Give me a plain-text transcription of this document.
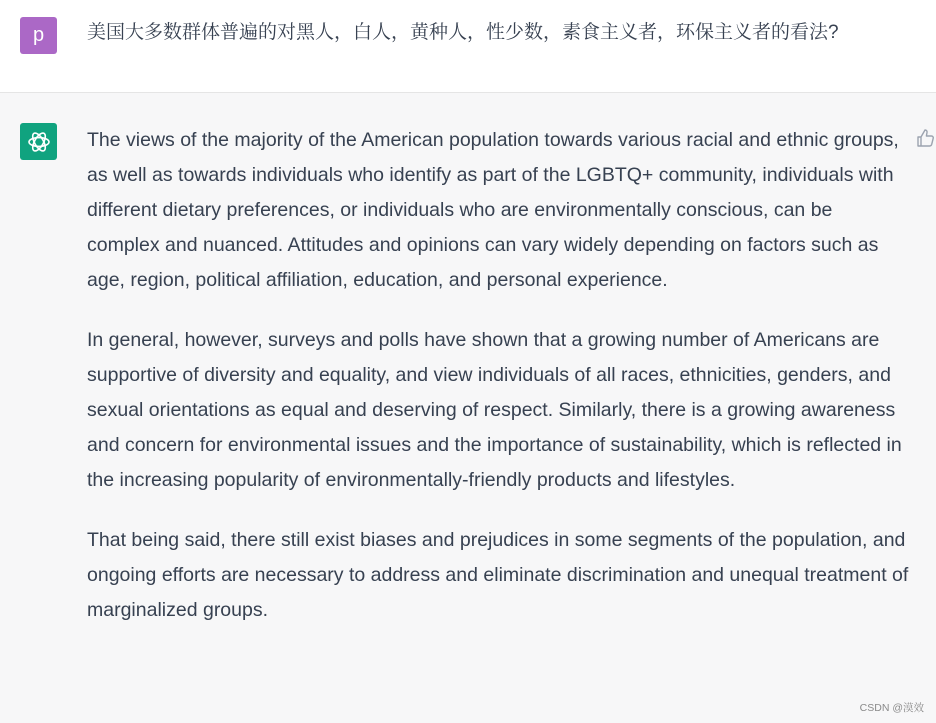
p 美国大多数群体普遍的对黑人，白人，黄种人，性少数，素食主义者，环保主义者的看法?

The views of the majority of the American population towards various racial and ethnic groups, as well as towards individuals who identify as part of the LGBTQ+ community, individuals with different dietary preferences, or individuals who are environmentally conscious, can be complex and nuanced. Attitudes and opinions can vary widely depending on factors such as age, region, political affiliation, education, and personal experience.

In general, however, surveys and polls have shown that a growing number of Americans are supportive of diversity and equality, and view individuals of all races, ethnicities, genders, and sexual orientations as equal and deserving of respect. Similarly, there is a growing awareness and concern for environmental issues and the importance of sustainability, which is reflected in the increasing popularity of environmentally-friendly products and lifestyles.

That being said, there still exist biases and prejudices in some segments of the population, and ongoing efforts are necessary to address and eliminate discrimination and unequal treatment of marginalized groups.

CSDN @漠效
